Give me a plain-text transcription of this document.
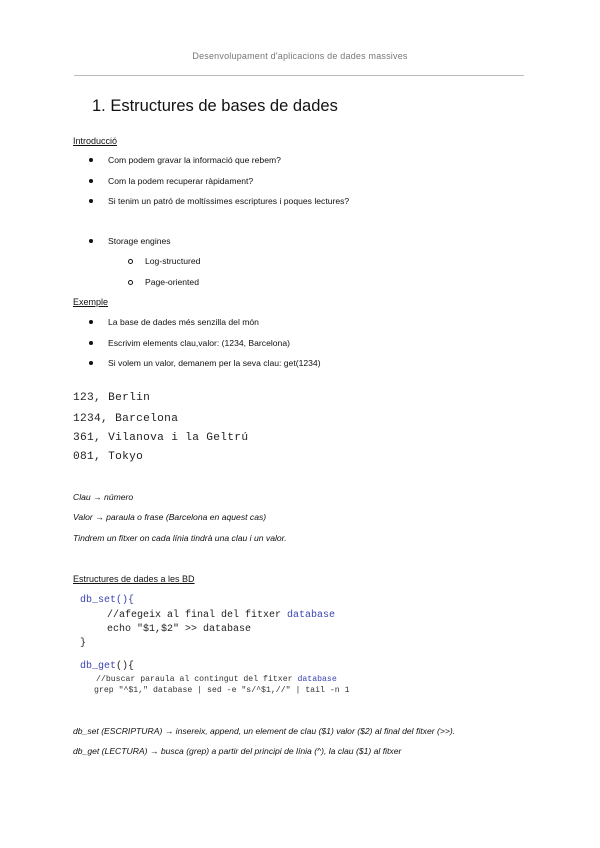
Desenvolupament d'aplicacions de dades massives
1. Estructures de bases de dades
Introducció
Com podem gravar la informació que rebem?
Com la podem recuperar ràpidament?
Si tenim un patró de moltíssimes escriptures i poques lectures?
Storage engines
Log-structured
Page-oriented
Exemple
La base de dades més senzilla del món
Escrivim elements clau,valor: (1234, Barcelona)
Si volem un valor, demanem per la seva clau: get(1234)
123, Berlin
1234, Barcelona
361, Vilanova i la Geltrú
081, Tokyo
Clau → número
Valor → paraula o frase (Barcelona en aquest cas)
Tindrem un fitxer on cada línia tindrà una clau i un valor.
Estructures de dades a les BD
db_set(){
//afegeix al final del fitxer database
echo "$1,$2" >> database
}
db_get(){
//buscar paraula al contingut del fitxer database
grep "^$1," database | sed -e "s/^$1,//" | tail -n 1
db_set (ESCRIPTURA) → insereix, append, un element de clau ($1) valor ($2) al final del fitxer (>>).
db_get (LECTURA) → busca (grep) a partir del principi de línia (^), la clau ($1) al fitxer
